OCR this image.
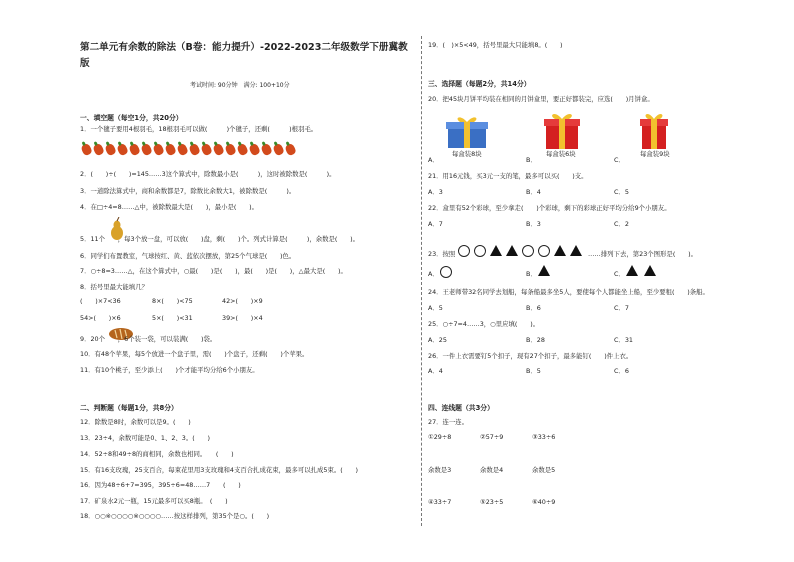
第二单元有余数的除法（B卷：能力提升）-2022-2023二年级数学下册冀教版
考试时间: 90分钟　满分: 100+10分
一、填空题（每空1分，共20分）
1．一个毽子要用4根羽毛，18根羽毛可以做(　　　)个毽子，还剩(　　　)根羽毛。
2．(　　)÷(　　)=145……3这个算式中，除数最小是(　　　)，这时被除数是(　　　)。
3．一道除法算式中，商和余数都是7，除数比余数大1，被除数是(　　　)。
4．在□÷4=8……△中，被除数最大是(　　)，最小是(　　)。
5．11个　　，每3个放一盘，可以放(　　)盘，剩(　　)个。列式计算是(　　　)，余数是(　　)。
6．同学们布置教室，气球按红、黄、蓝依次摆放，第25个气球是(　　)色。
7．○÷8=3……△，在这个算式中，○最(　　)是(　　)，最(　　)是(　　)，△最大是(　　)。
8．括号里最大能填几？
(　　)×7<36	8×(　　)<75	42>(　　)×9
54>(　　)×6	5×(　　)<31	39>(　　)×4
9．20个　　，6个装一袋，可以装满(　　)袋。
10．有48个苹果，每5个放进一个盘子里，需(　　)个盘子，还剩(　　)个苹果。
11．有10个桃子，至少添上(　　)个才能平均分给6个小朋友。
二、判断题（每题1分，共8分）
12．除数是8时，余数可以是9。(　　)
13．23÷4，余数可能是0、1、2、3。(　　)
14．52÷8和49÷8的商相同，余数也相同。　　(　　)
15．有16支玫瑰，25支百合，每束花里用3支玫瑰和4支百合扎成花束，最多可以扎成5束。(　　)
16．因为48÷6+7=395，395÷6=48……7　　(　　)
17．矿泉水2元一瓶，15元最多可以买8瓶。　(　　)
18．○○※○○○○※○○○○……按这样排列，第35个是○。(　　)
19．(　)×5<49，括号里最大只能填8。(　　)
三、选择题（每题2分，共14分）
20．把45块月饼平均装在相同的月饼盒里，要正好都装完，应选(　　)月饼盒。
每盒装8块	每盒装6块	每盒装9块
A．	B．	C．
21．用16元钱，买3元一支的笔，最多可以买(　　)支。
A．3	B．4	C．5
22．盒里有52个彩球，至少拿走(　　)个彩球，剩下的彩球正好平均分给9个小朋友。
A．7	B．3	C．2
23．按照	……排列下去，第23个图形是(　　)。
A．	B．	C．
24．王老师带32名同学去划船，每条船最多坐5人，要使每个人都能坐上船，至少要租(　　)条船。
A．5	B．6	C．7
25．○÷7=4……3，○里应填(　　)。
A．25	B．28	C．31
26．一件上衣需要钉5个扣子，现有27个扣子，最多能钉(　　)件上衣。
A．4	B．5	C．6
四、连线题（共3分）
27．连一连。
①29÷8	②57÷9	③33÷6
余数是3	余数是4	余数是5
④33÷7	⑤23÷5	⑥40÷9
